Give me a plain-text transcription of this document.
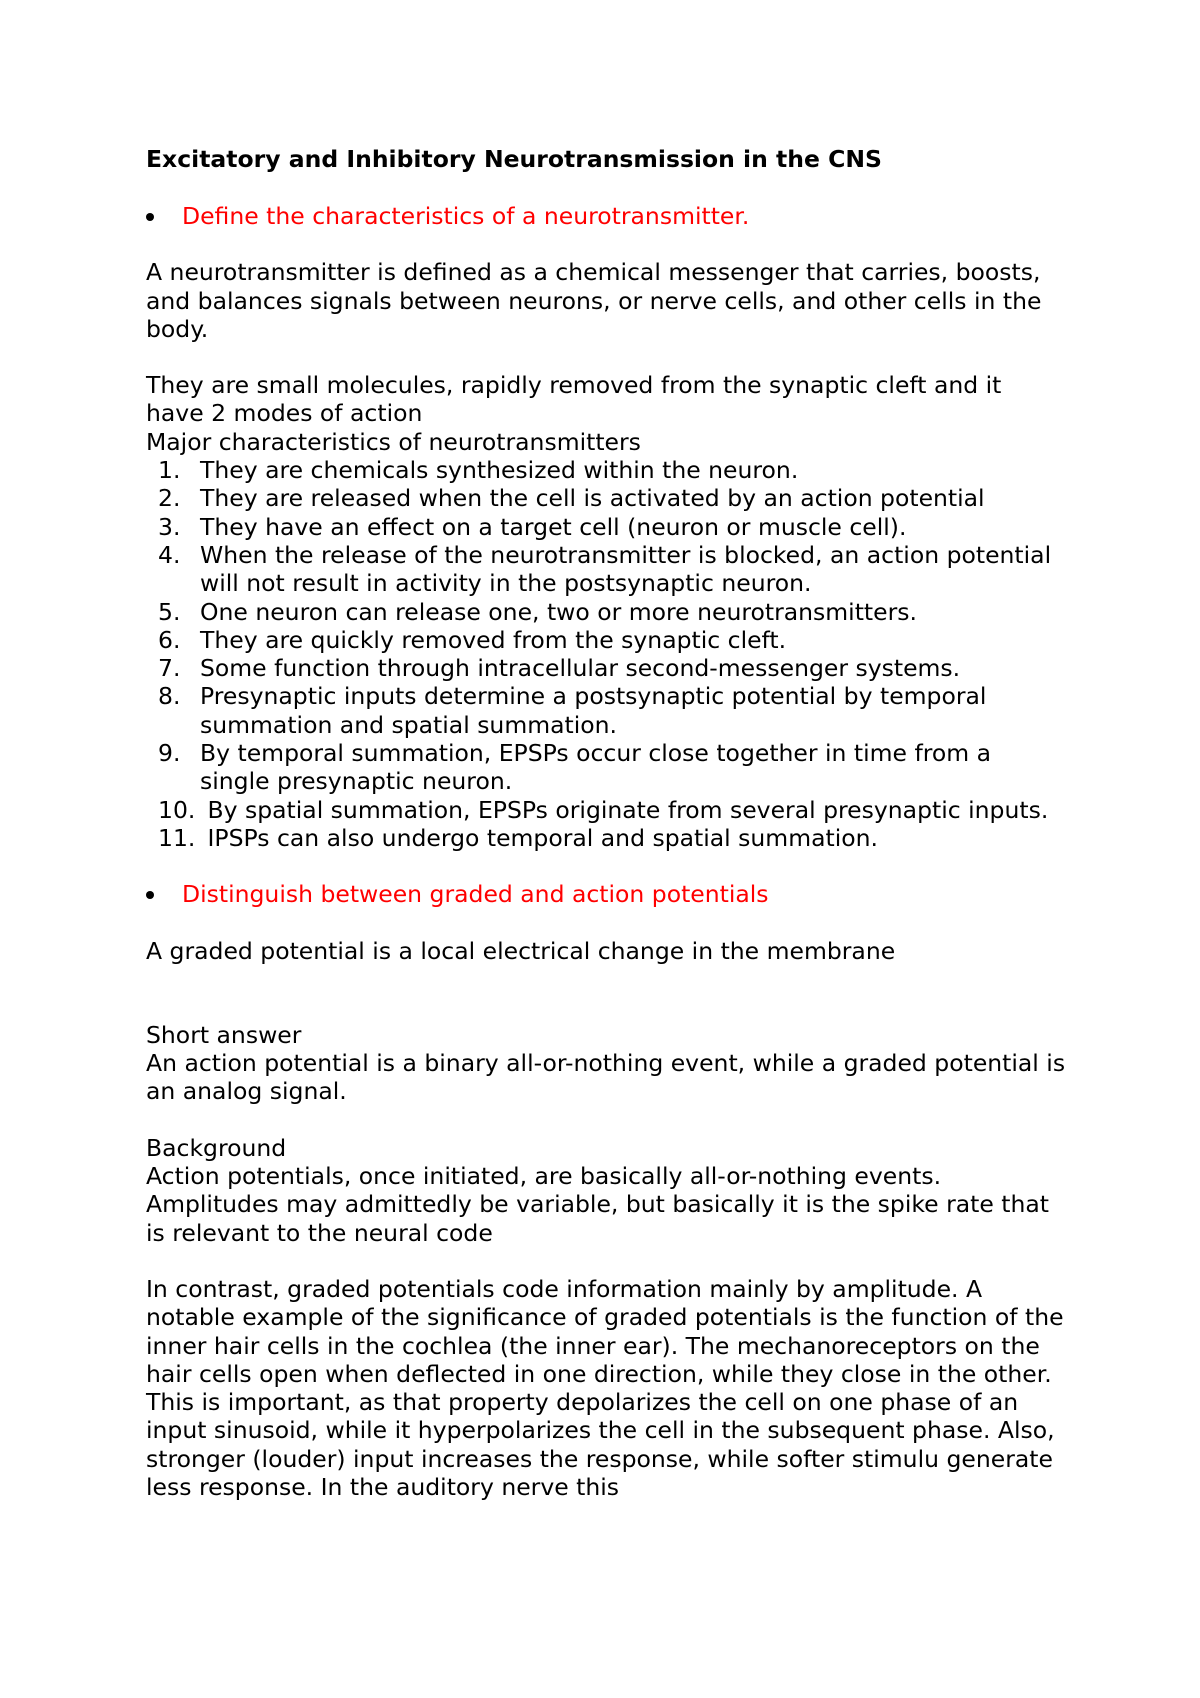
Excitatory and Inhibitory Neurotransmission in the CNS
Define the characteristics of a neurotransmitter.

A neurotransmitter is defined as a chemical messenger that carries, boosts, and balances signals between neurons, or nerve cells, and other cells in the body.

They are small molecules, rapidly removed from the synaptic cleft and it have 2 modes of action

Major characteristics of neurotransmitters

1. They are chemicals synthesized within the neuron.
2. They are released when the cell is activated by an action potential
3. They have an effect on a target cell (neuron or muscle cell).
4. When the release of the neurotransmitter is blocked, an action potential will not result in activity in the postsynaptic neuron.
5. One neuron can release one, two or more neurotransmitters.
6. They are quickly removed from the synaptic cleft.
7. Some function through intracellular second-messenger systems.
8. Presynaptic inputs determine a postsynaptic potential by temporal summation and spatial summation.
9. By temporal summation, EPSPs occur close together in time from a single presynaptic neuron.
10. By spatial summation, EPSPs originate from several presynaptic inputs.
11. IPSPs can also undergo temporal and spatial summation.
Distinguish between graded and action potentials

A graded potential is a local electrical change in the membrane

Short answer

An action potential is a binary all-or-nothing event, while a graded potential is an analog signal.

Background

Action potentials, once initiated, are basically all-or-nothing events. Amplitudes may admittedly be variable, but basically it is the spike rate that is relevant to the neural code

In contrast, graded potentials code information mainly by amplitude. A notable example of the significance of graded potentials is the function of the inner hair cells in the cochlea (the inner ear). The mechanoreceptors on the hair cells open when deflected in one direction, while they close in the other. This is important, as that property depolarizes the cell on one phase of an input sinusoid, while it hyperpolarizes the cell in the subsequent phase. Also, stronger (louder) input increases the response, while softer stimulu generate less response. In the auditory nerve this
